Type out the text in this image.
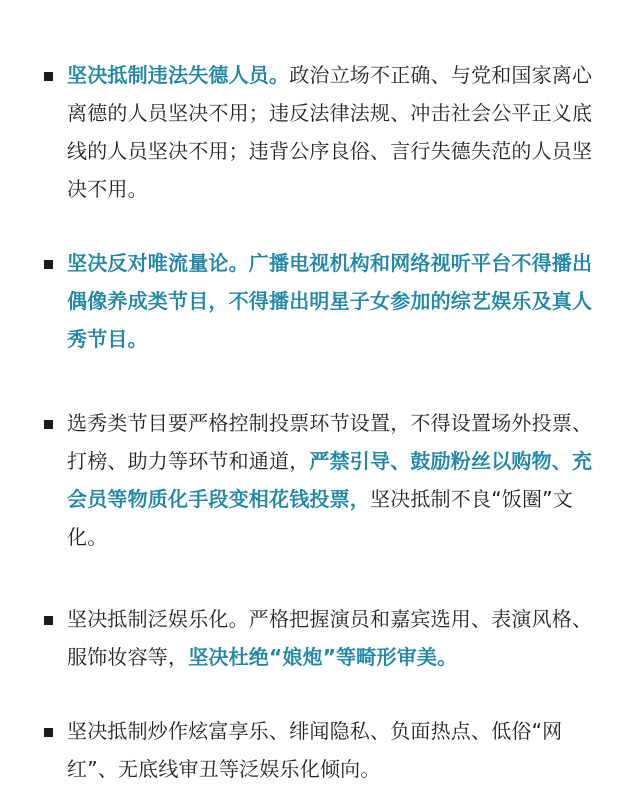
坚决抵制违法失德人员。政治立场不正确、与党和国家离心离德的人员坚决不用；违反法律法规、冲击社会公平正义底线的人员坚决不用；违背公序良俗、言行失德失范的人员坚决不用。

坚决反对唯流量论。广播电视机构和网络视听平台不得播出偶像养成类节目，不得播出明星子女参加的综艺娱乐及真人秀节目。

选秀类节目要严格控制投票环节设置，不得设置场外投票、打榜、助力等环节和通道，严禁引导、鼓励粉丝以购物、充会员等物质化手段变相花钱投票，坚决抵制不良“饭圈”文化。

坚决抵制泛娱乐化。严格把握演员和嘉宾选用、表演风格、服饰妆容等，坚决杜绝“娘炮”等畸形审美。

坚决抵制炒作炫富享乐、绯闻隐私、负面热点、低俗“网红”、无底线审丑等泛娱乐化倾向。
